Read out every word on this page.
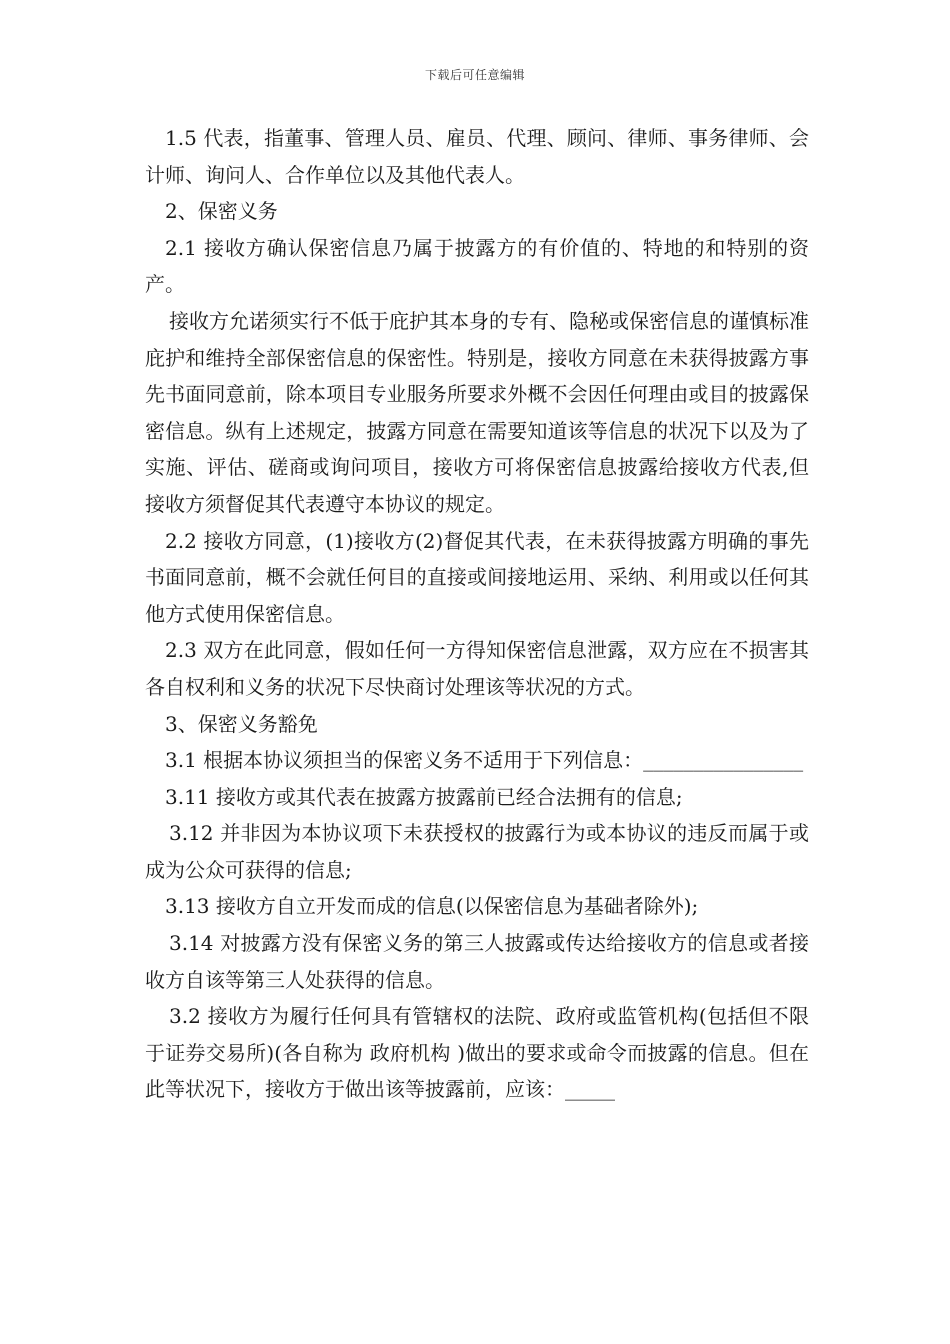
下载后可任意编辑

1.5 代表，指董事、管理人员、雇员、代理、顾问、律师、事务律师、会计师、询问人、合作单位以及其他代表人。

2、保密义务

2.1 接收方确认保密信息乃属于披露方的有价值的、特地的和特别的资产。

接收方允诺须实行不低于庇护其本身的专有、隐秘或保密信息的谨慎标准庇护和维持全部保密信息的保密性。特别是，接收方同意在未获得披露方事先书面同意前，除本项目专业服务所要求外概不会因任何理由或目的披露保密信息。纵有上述规定，披露方同意在需要知道该等信息的状况下以及为了实施、评估、磋商或询问项目，接收方可将保密信息披露给接收方代表,但接收方须督促其代表遵守本协议的规定。

2.2 接收方同意，(1)接收方(2)督促其代表，在未获得披露方明确的事先书面同意前，概不会就任何目的直接或间接地运用、采纳、利用或以任何其他方式使用保密信息。

2.3 双方在此同意，假如任何一方得知保密信息泄露，双方应在不损害其各自权利和义务的状况下尽快商讨处理该等状况的方式。

3、保密义务豁免

3.1 根据本协议须担当的保密义务不适用于下列信息：________________

3.11 接收方或其代表在披露方披露前已经合法拥有的信息;

3.12 并非因为本协议项下未获授权的披露行为或本协议的违反而属于或成为公众可获得的信息;

3.13 接收方自立开发而成的信息(以保密信息为基础者除外);

3.14 对披露方没有保密义务的第三人披露或传达给接收方的信息或者接收方自该等第三人处获得的信息。

3.2 接收方为履行任何具有管辖权的法院、政府或监管机构(包括但不限于证券交易所)(各自称为 政府机构 )做出的要求或命令而披露的信息。但在此等状况下，接收方于做出该等披露前，应该：_____
